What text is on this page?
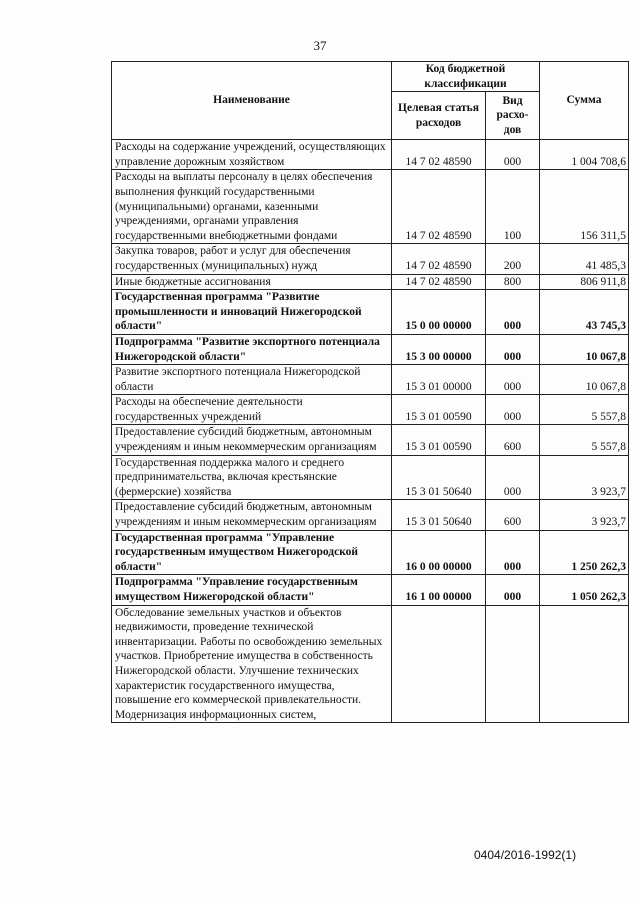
37
Наименование	Код бюджетной классификации		Сумма
	Целевая статья расходов	Вид расхо- дов	
Расходы на содержание учреждений, осуществляющих управление дорожным хозяйством	14 7 02 48590	000	1 004 708,6
Расходы на выплаты персоналу в целях обеспечения выполнения функций государственными (муниципальными) органами, казенными учреждениями, органами управления государственными внебюджетными фондами	14 7 02 48590	100	156 311,5
Закупка товаров, работ и услуг для обеспечения государственных (муниципальных) нужд	14 7 02 48590	200	41 485,3
Иные бюджетные ассигнования	14 7 02 48590	800	806 911,8
Государственная программа "Развитие промышленности и инноваций Нижегородской области"	15 0 00 00000	000	43 745,3
Подпрограмма "Развитие экспортного потенциала Нижегородской области"	15 3 00 00000	000	10 067,8
Развитие экспортного потенциала Нижегородской области	15 3 01 00000	000	10 067,8
Расходы на обеспечение деятельности государственных учреждений	15 3 01 00590	000	5 557,8
Предоставление субсидий бюджетным, автономным учреждениям и иным некоммерческим организациям	15 3 01 00590	600	5 557,8
Государственная поддержка малого и среднего предпринимательства, включая крестьянские (фермерские) хозяйства	15 3 01 50640	000	3 923,7
Предоставление субсидий бюджетным, автономным учреждениям и иным некоммерческим организациям	15 3 01 50640	600	3 923,7
Государственная программа "Управление государственным имуществом Нижегородской области"	16 0 00 00000	000	1 250 262,3
Подпрограмма "Управление государственным имуществом Нижегородской области"	16 1 00 00000	000	1 050 262,3
Обследование земельных участков и объектов недвижимости, проведение технической инвентаризации. Работы по освобождению земельных участков. Приобретение имущества в собственность Нижегородской области. Улучшение технических характеристик государственного имущества, повышение его коммерческой привлекательности. Модернизация информационных систем,			
0404/2016-1992(1)
